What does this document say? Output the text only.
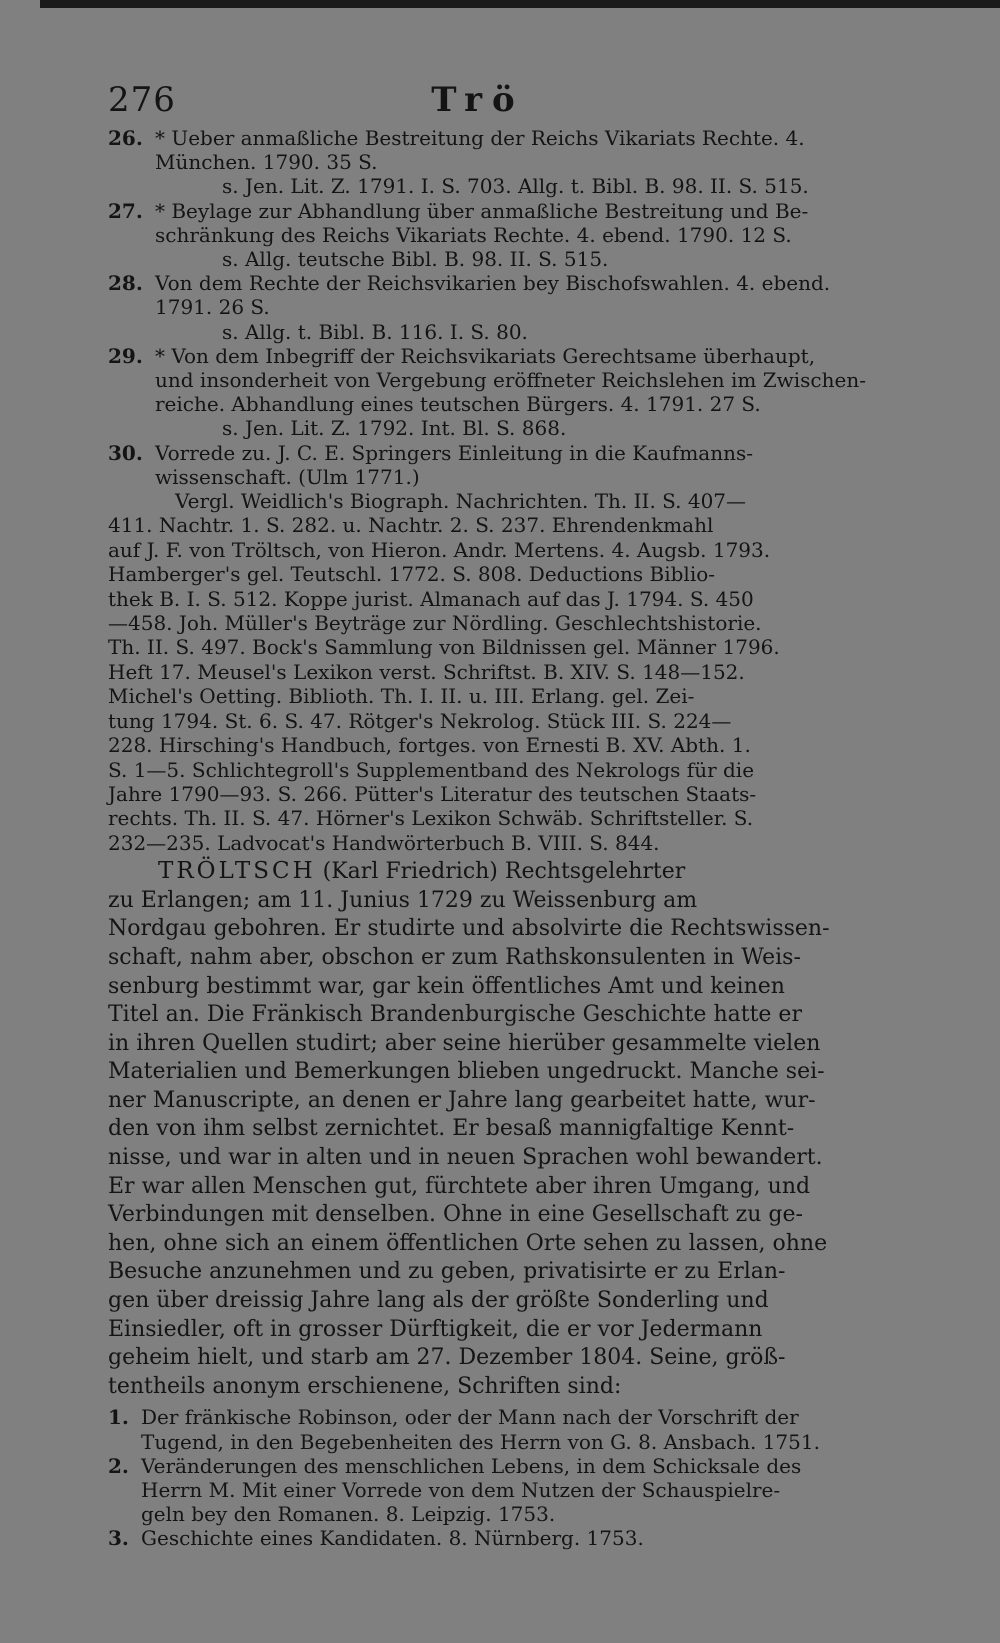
276	Trö
26. * Ueber anmaßliche Bestreitung der Reichs Vikariats Rechte. 4.

München. 1790. 35 S.

s. Jen. Lit. Z. 1791. I. S. 703. Allg. t. Bibl. B. 98. II. S. 515.

27. * Beylage zur Abhandlung über anmaßliche Bestreitung und Be-

schränkung des Reichs Vikariats Rechte. 4. ebend. 1790. 12 S.

s. Allg. teutsche Bibl. B. 98. II. S. 515.

28. Von dem Rechte der Reichsvikarien bey Bischofswahlen. 4. ebend.

1791. 26 S.

s. Allg. t. Bibl. B. 116. I. S. 80.

29. * Von dem Inbegriff der Reichsvikariats Gerechtsame überhaupt,

und insonderheit von Vergebung eröffneter Reichslehen im Zwischen-

reiche. Abhandlung eines teutschen Bürgers. 4. 1791. 27 S.

s. Jen. Lit. Z. 1792. Int. Bl. S. 868.

30. Vorrede zu. J. C. E. Springers Einleitung in die Kaufmanns-

wissenschaft. (Ulm 1771.)

Vergl. Weidlich's Biograph. Nachrichten. Th. II. S. 407—

411. Nachtr. 1. S. 282. u. Nachtr. 2. S. 237. Ehrendenkmahl

auf J. F. von Tröltsch, von Hieron. Andr. Mertens. 4. Augsb. 1793.

Hamberger's gel. Teutschl. 1772. S. 808. Deductions Biblio-

thek B. I. S. 512. Koppe jurist. Almanach auf das J. 1794. S. 450

—458. Joh. Müller's Beyträge zur Nördling. Geschlechtshistorie.

Th. II. S. 497. Bock's Sammlung von Bildnissen gel. Männer 1796.

Heft 17. Meusel's Lexikon verst. Schriftst. B. XIV. S. 148—152.

Michel's Oetting. Biblioth. Th. I. II. u. III. Erlang. gel. Zei-

tung 1794. St. 6. S. 47. Rötger's Nekrolog. Stück III. S. 224—

228. Hirsching's Handbuch, fortges. von Ernesti B. XV. Abth. 1.

S. 1—5. Schlichtegroll's Supplementband des Nekrologs für die

Jahre 1790—93. S. 266. Pütter's Literatur des teutschen Staats-

rechts. Th. II. S. 47. Hörner's Lexikon Schwäb. Schriftsteller. S.

232—235. Ladvocat's Handwörterbuch B. VIII. S. 844.

TRÖLTSCH (Karl Friedrich) Rechtsgelehrter

zu Erlangen; am 11. Junius 1729 zu Weissenburg am

Nordgau gebohren. Er studirte und absolvirte die Rechtswissen-

schaft, nahm aber, obschon er zum Rathskonsulenten in Weis-

senburg bestimmt war, gar kein öffentliches Amt und keinen

Titel an. Die Fränkisch Brandenburgische Geschichte hatte er

in ihren Quellen studirt; aber seine hierüber gesammelte vielen

Materialien und Bemerkungen blieben ungedruckt. Manche sei-

ner Manuscripte, an denen er Jahre lang gearbeitet hatte, wur-

den von ihm selbst zernichtet. Er besaß mannigfaltige Kennt-

nisse, und war in alten und in neuen Sprachen wohl bewandert.

Er war allen Menschen gut, fürchtete aber ihren Umgang, und

Verbindungen mit denselben. Ohne in eine Gesellschaft zu ge-

hen, ohne sich an einem öffentlichen Orte sehen zu lassen, ohne

Besuche anzunehmen und zu geben, privatisirte er zu Erlan-

gen über dreissig Jahre lang als der größte Sonderling und

Einsiedler, oft in grosser Dürftigkeit, die er vor Jedermann

geheim hielt, und starb am 27. Dezember 1804. Seine, größ-

tentheils anonym erschienene, Schriften sind:

1. Der fränkische Robinson, oder der Mann nach der Vorschrift der

Tugend, in den Begebenheiten des Herrn von G. 8. Ansbach. 1751.

2. Veränderungen des menschlichen Lebens, in dem Schicksale des

Herrn M. Mit einer Vorrede von dem Nutzen der Schauspielre-

geln bey den Romanen. 8. Leipzig. 1753.

3. Geschichte eines Kandidaten. 8. Nürnberg. 1753.
